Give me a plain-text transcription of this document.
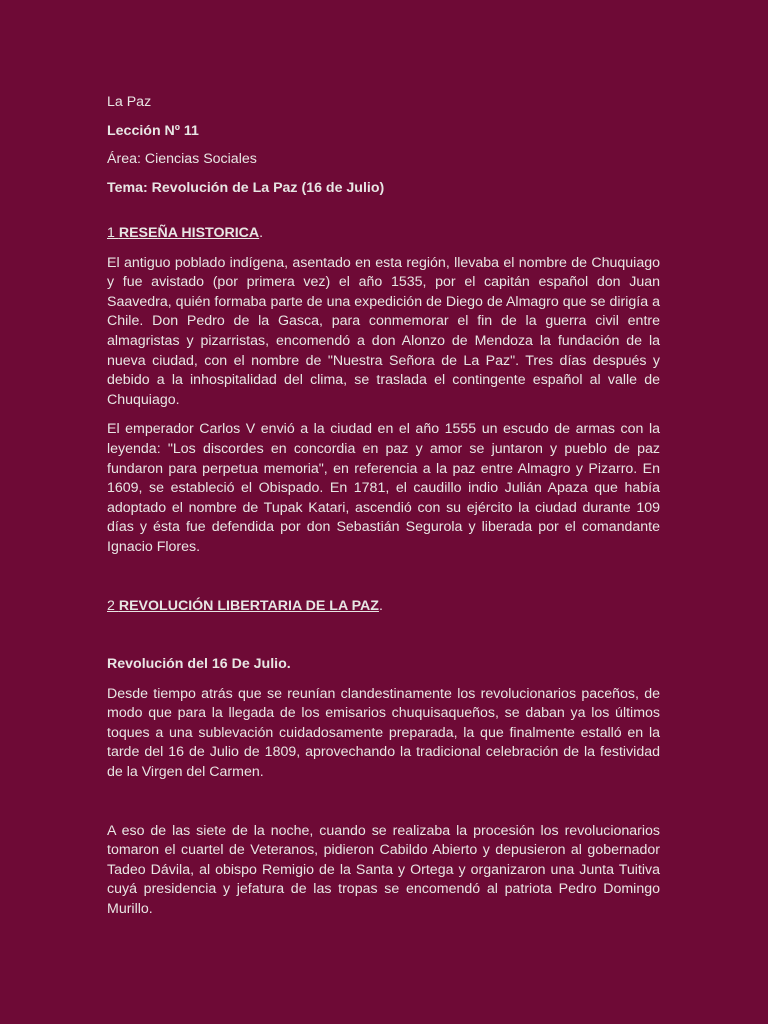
La Paz
Lección Nº 11
Área: Ciencias Sociales
Tema: Revolución de La Paz (16 de Julio)
1 RESEÑA HISTORICA.

El antiguo poblado indígena, asentado en esta región, llevaba el nombre de Chuquiago y fue avistado (por primera vez) el año 1535, por el capitán español don Juan Saavedra, quién formaba parte de una expedición de Diego de Almagro que se dirigía a Chile. Don Pedro de la Gasca, para conmemorar el fin de la guerra civil entre almagristas y pizarristas, encomendó a don Alonzo de Mendoza la fundación de la nueva ciudad, con el nombre de "Nuestra Señora de La Paz". Tres días después y debido a la inhospitalidad del clima, se traslada el contingente español al valle de Chuquiago.

El emperador Carlos V envió a la ciudad en el año 1555 un escudo de armas con la leyenda: "Los discordes en concordia en paz y amor se juntaron y pueblo de paz fundaron para perpetua memoria", en referencia a la paz entre Almagro y Pizarro. En 1609, se estableció el Obispado. En 1781, el caudillo indio Julián Apaza que había adoptado el nombre de Tupak Katari, ascendió con su ejército la ciudad durante 109 días y ésta fue defendida por don Sebastián Segurola y liberada por el comandante Ignacio Flores.

2 REVOLUCIÓN LIBERTARIA DE LA PAZ.
Revolución del 16 De Julio.

Desde tiempo atrás que se reunían clandestinamente los revolucionarios paceños, de modo que para la llegada de los emisarios chuquisaqueños, se daban ya los últimos toques a una sublevación cuidadosamente preparada, la que finalmente estalló en la tarde del 16 de Julio de 1809, aprovechando la tradicional celebración de la festividad de la Virgen del Carmen.

A eso de las siete de la noche, cuando se realizaba la procesión los revolucionarios tomaron el cuartel de Veteranos, pidieron Cabildo Abierto y depusieron al gobernador Tadeo Dávila, al obispo Remigio de la Santa y Ortega y organizaron una Junta Tuitiva cuyá presidencia y jefatura de las tropas se encomendó al patriota Pedro Domingo Murillo.
